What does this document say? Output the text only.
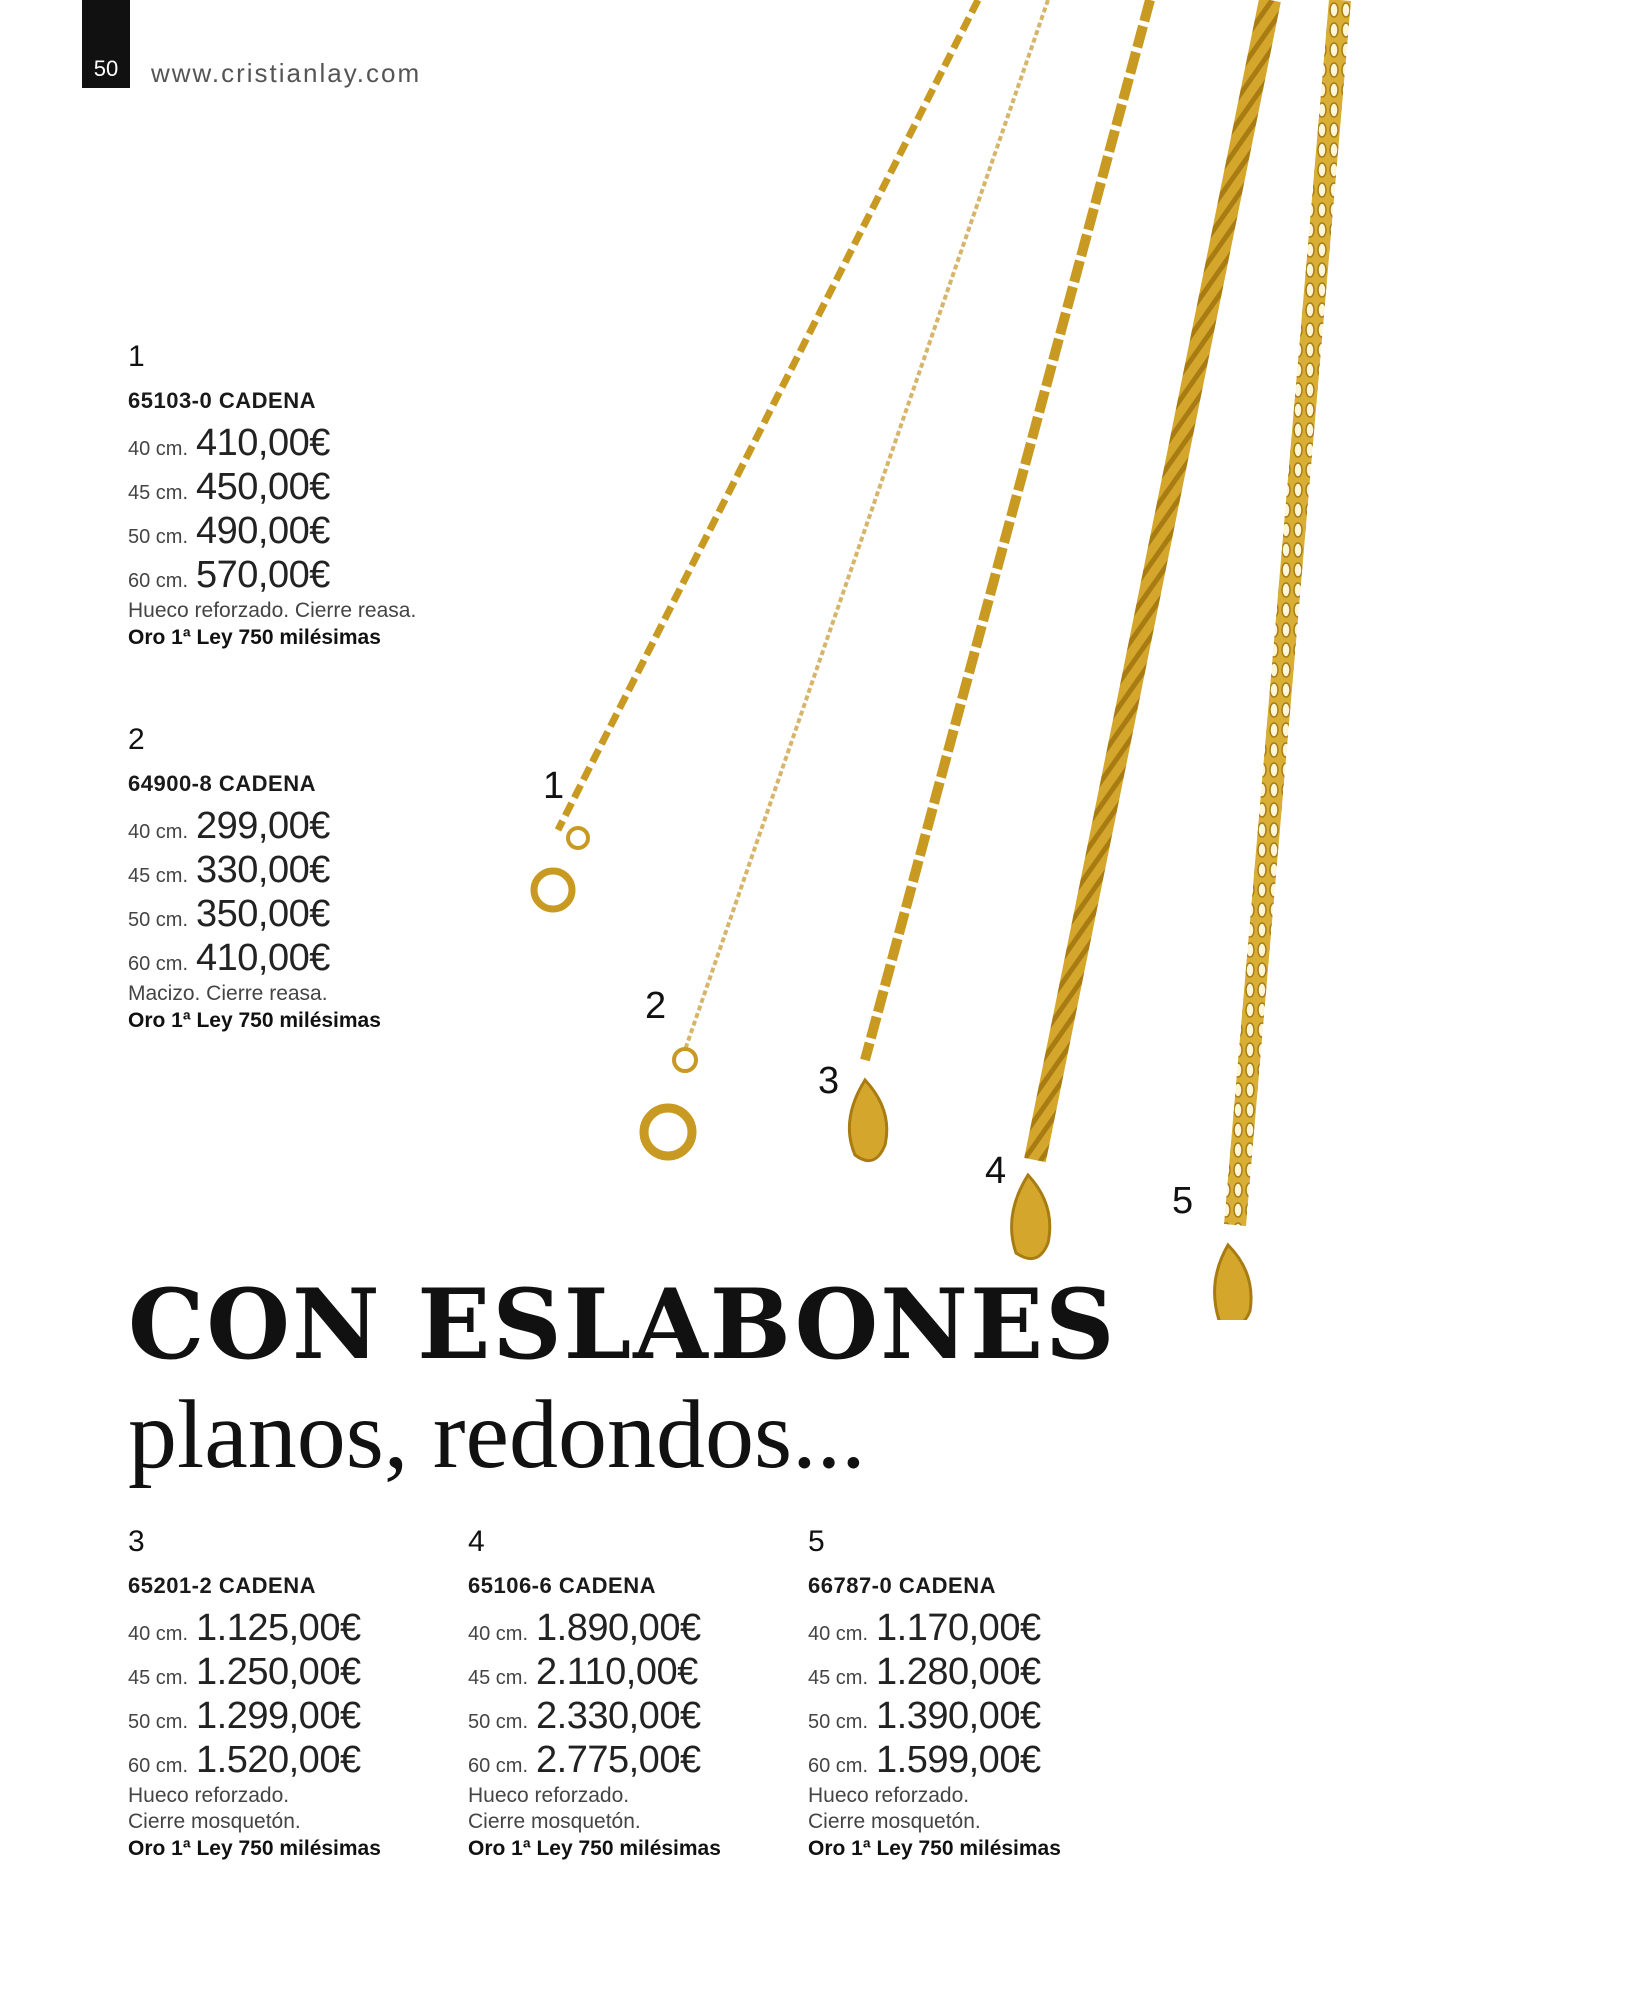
50 www.cristianlay.com
1
2
3
4
5
1
65103-0 CADENA
40 cm. 410,00€
45 cm. 450,00€
50 cm. 490,00€
60 cm. 570,00€
Hueco reforzado. Cierre reasa.
Oro 1ª Ley 750 milésimas
2
64900-8 CADENA
40 cm. 299,00€
45 cm. 330,00€
50 cm. 350,00€
60 cm. 410,00€
Macizo. Cierre reasa.
Oro 1ª Ley 750 milésimas
CON ESLABONES
planos, redondos...
3
65201-2 CADENA
40 cm. 1.125,00€
45 cm. 1.250,00€
50 cm. 1.299,00€
60 cm. 1.520,00€
Hueco reforzado.
Cierre mosquetón.
Oro 1ª Ley 750 milésimas
4
65106-6 CADENA
40 cm. 1.890,00€
45 cm. 2.110,00€
50 cm. 2.330,00€
60 cm. 2.775,00€
Hueco reforzado.
Cierre mosquetón.
Oro 1ª Ley 750 milésimas
5
66787-0 CADENA
40 cm. 1.170,00€
45 cm. 1.280,00€
50 cm. 1.390,00€
60 cm. 1.599,00€
Hueco reforzado.
Cierre mosquetón.
Oro 1ª Ley 750 milésimas
